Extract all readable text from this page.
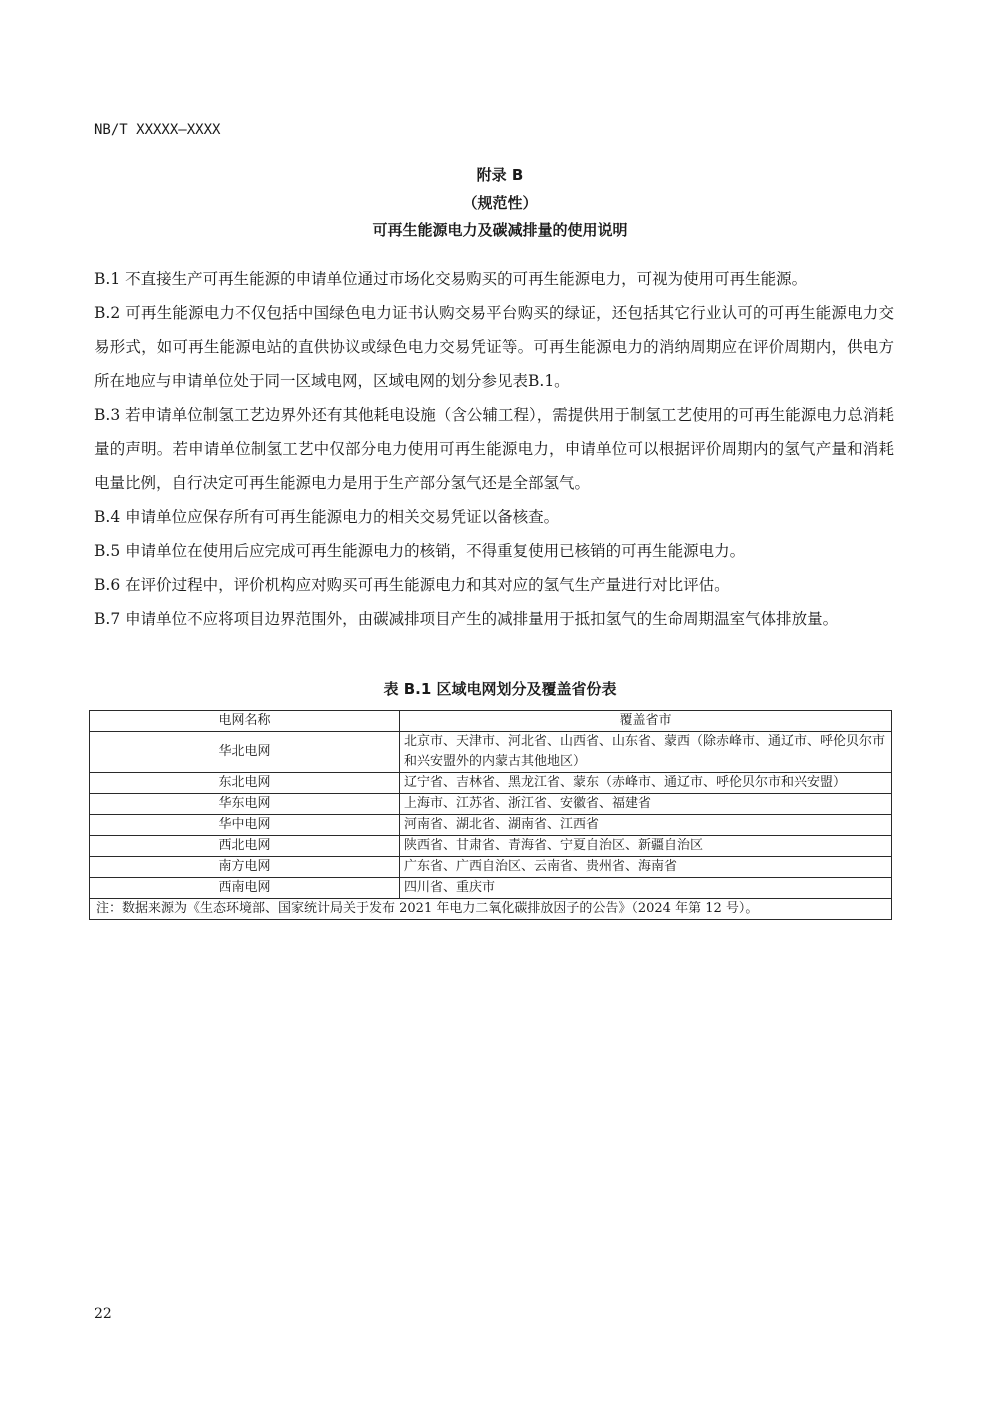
NB/T XXXXX—XXXX
附录 B
（规范性）
可再生能源电力及碳减排量的使用说明

B.1 不直接生产可再生能源的申请单位通过市场化交易购买的可再生能源电力，可视为使用可再生能源。

B.2 可再生能源电力不仅包括中国绿色电力证书认购交易平台购买的绿证，还包括其它行业认可的可再生能源电力交易形式，如可再生能源电站的直供协议或绿色电力交易凭证等。可再生能源电力的消纳周期应在评价周期内，供电方所在地应与申请单位处于同一区域电网，区域电网的划分参见表B.1。

B.3 若申请单位制氢工艺边界外还有其他耗电设施（含公辅工程），需提供用于制氢工艺使用的可再生能源电力总消耗量的声明。若申请单位制氢工艺中仅部分电力使用可再生能源电力，申请单位可以根据评价周期内的氢气产量和消耗电量比例，自行决定可再生能源电力是用于生产部分氢气还是全部氢气。

B.4 申请单位应保存所有可再生能源电力的相关交易凭证以备核查。

B.5 申请单位在使用后应完成可再生能源电力的核销，不得重复使用已核销的可再生能源电力。

B.6 在评价过程中，评价机构应对购买可再生能源电力和其对应的氢气生产量进行对比评估。

B.7 申请单位不应将项目边界范围外，由碳减排项目产生的减排量用于抵扣氢气的生命周期温室气体排放量。

表 B.1 区域电网划分及覆盖省份表
电网名称	覆盖省市
华北电网	北京市、天津市、河北省、山西省、山东省、蒙西（除赤峰市、通辽市、呼伦贝尔市和兴安盟外的内蒙古其他地区）
东北电网	辽宁省、吉林省、黑龙江省、蒙东（赤峰市、通辽市、呼伦贝尔市和兴安盟）
华东电网	上海市、江苏省、浙江省、安徽省、福建省
华中电网	河南省、湖北省、湖南省、江西省
西北电网	陕西省、甘肃省、青海省、宁夏自治区、新疆自治区
南方电网	广东省、广西自治区、云南省、贵州省、海南省
西南电网	四川省、重庆市
注：数据来源为《生态环境部、国家统计局关于发布 2021 年电力二氧化碳排放因子的公告》（2024 年第 12 号）。	
22
